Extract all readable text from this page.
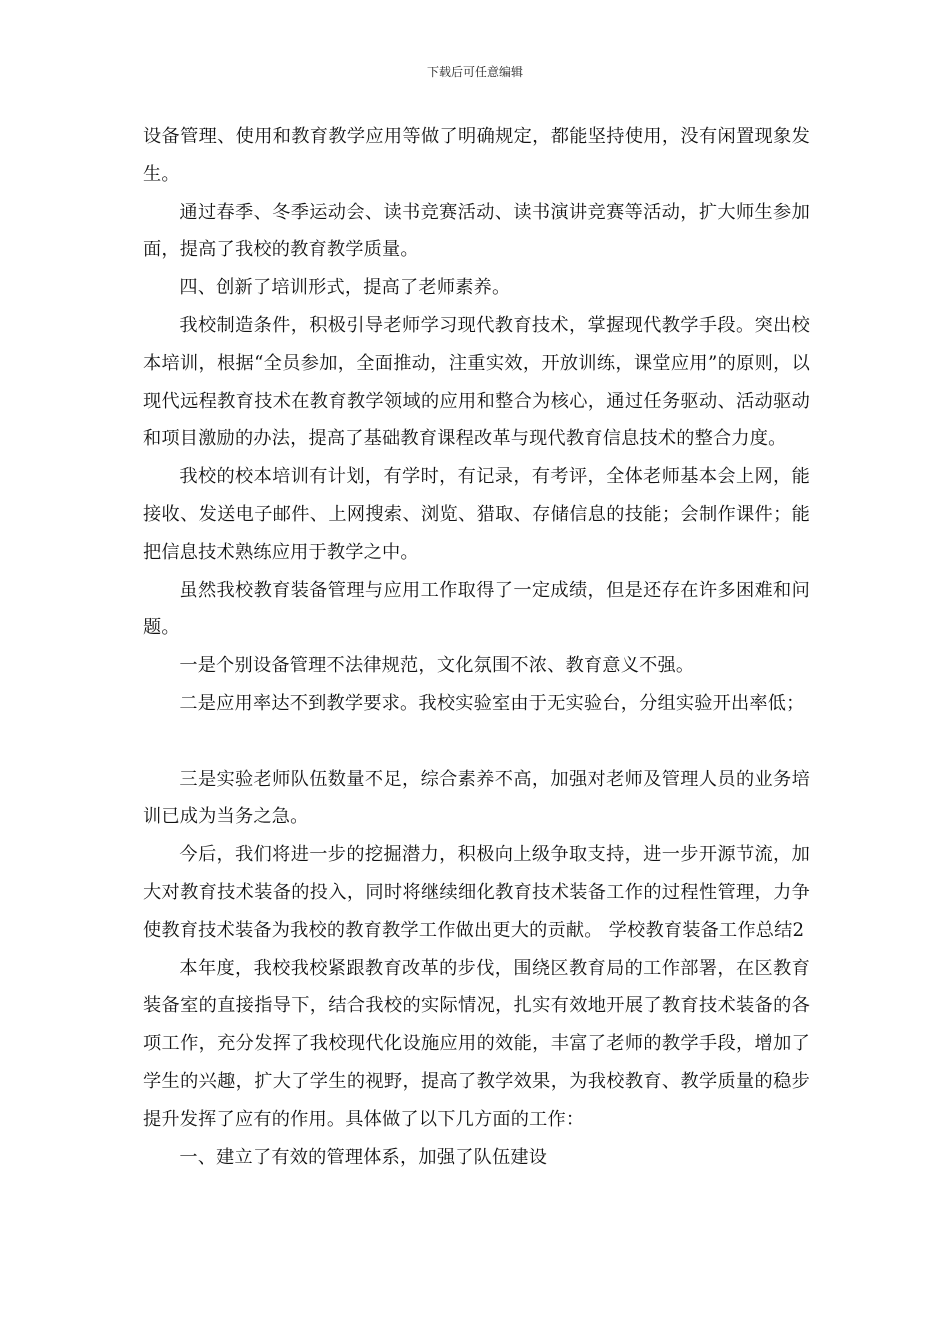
下载后可任意编辑

设备管理、使用和教育教学应用等做了明确规定，都能坚持使用，没有闲置现象发生。

通过春季、冬季运动会、读书竞赛活动、读书演讲竞赛等活动，扩大师生参加面，提高了我校的教育教学质量。

四、创新了培训形式，提高了老师素养。

我校制造条件，积极引导老师学习现代教育技术，掌握现代教学手段。突出校本培训，根据“全员参加，全面推动，注重实效，开放训练，课堂应用”的原则，以现代远程教育技术在教育教学领域的应用和整合为核心，通过任务驱动、活动驱动和项目激励的办法，提高了基础教育课程改革与现代教育信息技术的整合力度。

我校的校本培训有计划，有学时，有记录，有考评，全体老师基本会上网，能接收、发送电子邮件、上网搜索、浏览、猎取、存储信息的技能；会制作课件；能把信息技术熟练应用于教学之中。

虽然我校教育装备管理与应用工作取得了一定成绩，但是还存在许多困难和问题。

一是个别设备管理不法律规范，文化氛围不浓、教育意义不强。

二是应用率达不到教学要求。我校实验室由于无实验台，分组实验开出率低；

三是实验老师队伍数量不足，综合素养不高，加强对老师及管理人员的业务培训已成为当务之急。

今后，我们将进一步的挖掘潜力，积极向上级争取支持，进一步开源节流，加大对教育技术装备的投入，同时将继续细化教育技术装备工作的过程性管理，力争使教育技术装备为我校的教育教学工作做出更大的贡献。 学校教育装备工作总结2

本年度，我校我校紧跟教育改革的步伐，围绕区教育局的工作部署，在区教育装备室的直接指导下，结合我校的实际情况，扎实有效地开展了教育技术装备的各项工作，充分发挥了我校现代化设施应用的效能，丰富了老师的教学手段，增加了学生的兴趣，扩大了学生的视野，提高了教学效果，为我校教育、教学质量的稳步提升发挥了应有的作用。具体做了以下几方面的工作：

一、建立了有效的管理体系，加强了队伍建设
